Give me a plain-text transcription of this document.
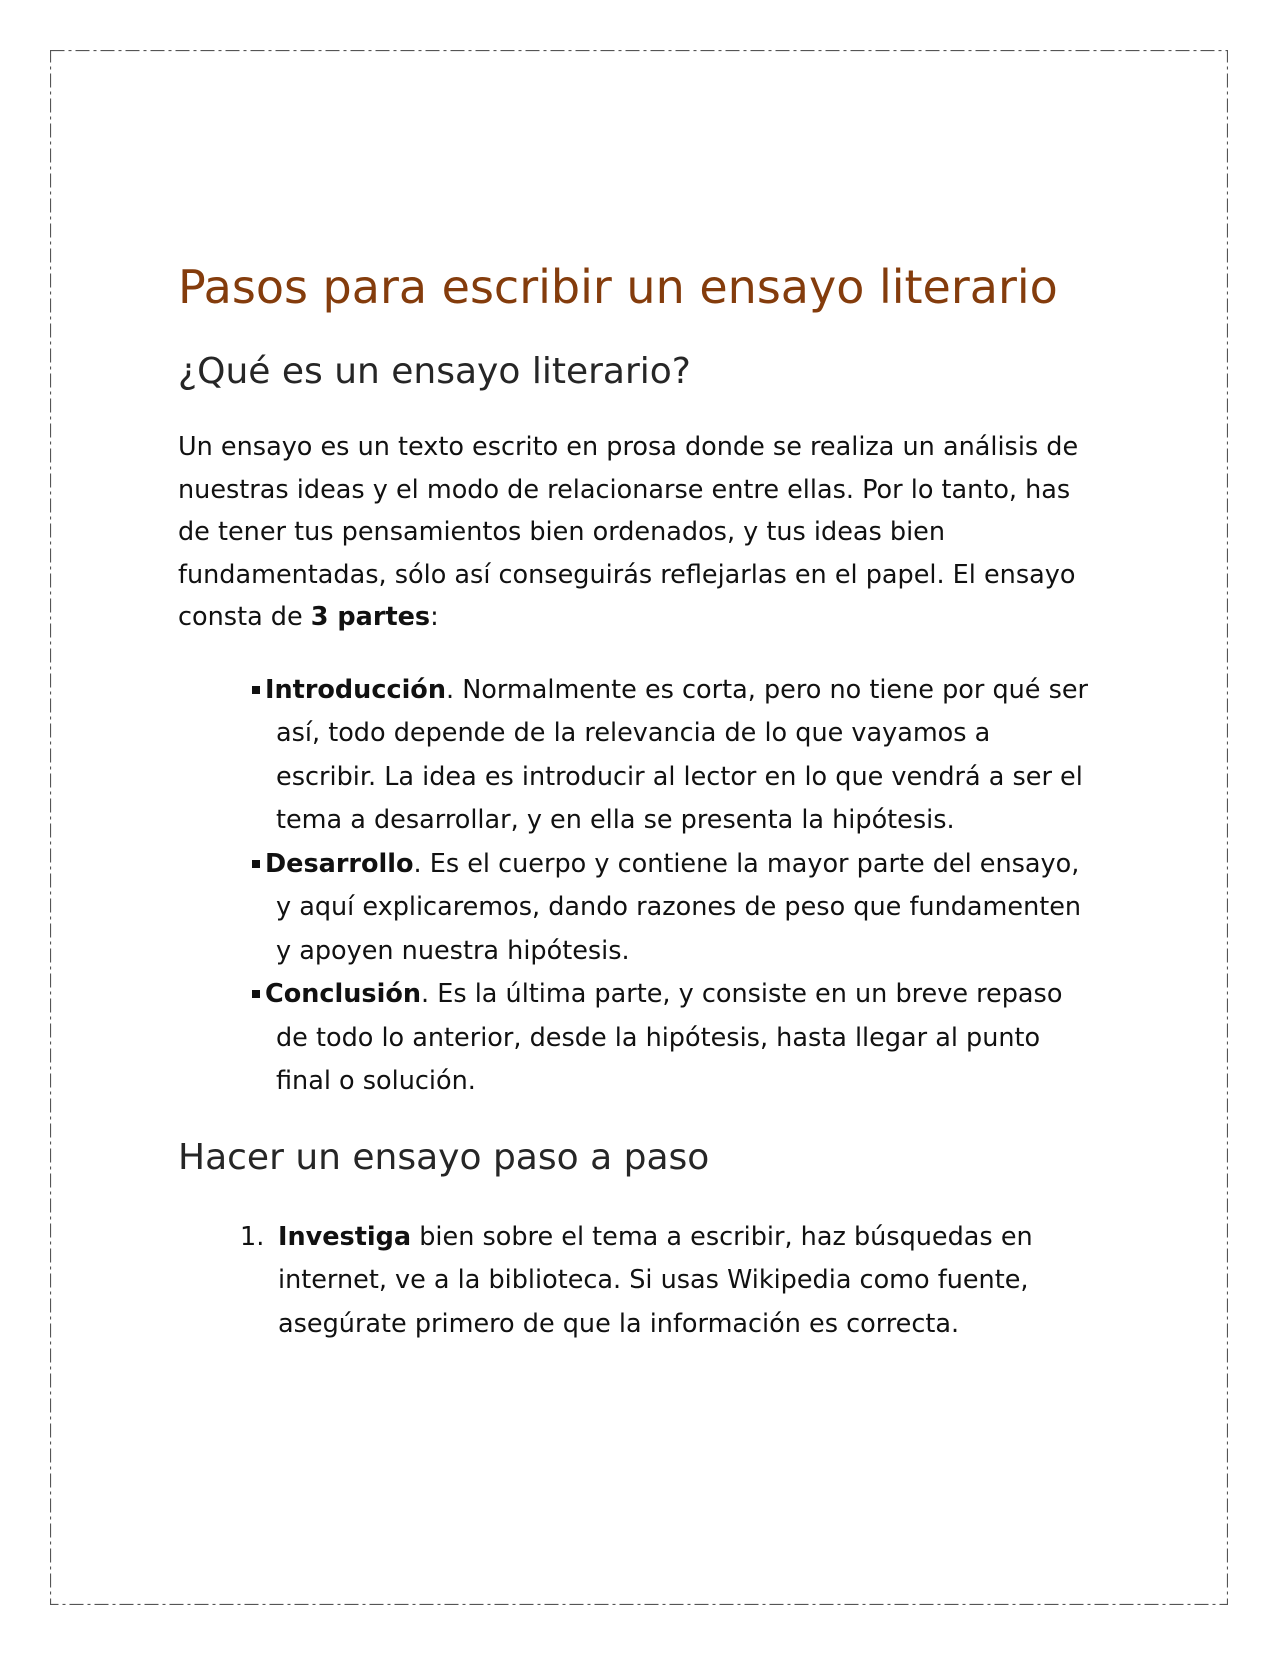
Pasos para escribir un ensayo literario
¿Qué es un ensayo literario?

Un ensayo es un texto escrito en prosa donde se realiza un análisis de nuestras ideas y el modo de relacionarse entre ellas. Por lo tanto, has de tener tus pensamientos bien ordenados, y tus ideas bien fundamentadas, sólo así conseguirás reflejarlas en el papel. El ensayo consta de 3 partes:

Introducción. Normalmente es corta, pero no tiene por qué ser así, todo depende de la relevancia de lo que vayamos a escribir. La idea es introducir al lector en lo que vendrá a ser el tema a desarrollar, y en ella se presenta la hipótesis.
Desarrollo. Es el cuerpo y contiene la mayor parte del ensayo, y aquí explicaremos, dando razones de peso que fundamenten y apoyen nuestra hipótesis.
Conclusión. Es la última parte, y consiste en un breve repaso de todo lo anterior, desde la hipótesis, hasta llegar al punto final o solución.
Hacer un ensayo paso a paso
1. Investiga bien sobre el tema a escribir, haz búsquedas en internet, ve a la biblioteca. Si usas Wikipedia como fuente, asegúrate primero de que la información es correcta.
